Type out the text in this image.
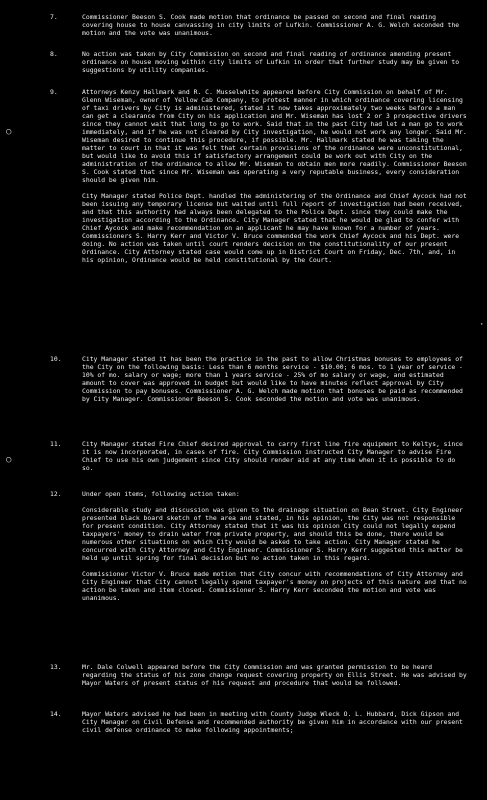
○
○
·
7.	Commissioner Beeson S. Cook made motion that ordinance be passed on second and final reading covering house to house canvassing in city limits of Lufkin. Commissioner A. G. Welch seconded the motion and the vote was unanimous.

8.	No action was taken by City Commission on second and final reading of ordinance amending present ordinance on house moving within city limits of Lufkin in order that further study may be given to suggestions by utility companies.

9.	Attorneys Kenzy Hallmark and R. C. Musselwhite appeared before City Commission on behalf of Mr. Glenn Wiseman, owner of Yellow Cab Company, to protest manner in which ordinance covering licensing of taxi drivers by City is administered, stated it now takes approximately two weeks before a man can get a clearance from City on his application and Mr. Wiseman has lost 2 or 3 prospective drivers since they cannot wait that long to go to work. Said that in the past City had let a man go to work immediately, and if he was not cleared by City investigation, he would not work any longer. Said Mr. Wiseman desired to continue this procedure, if possible. Mr. Hallmark stated he was taking the matter to court in that it was felt that certain provisions of the ordinance were unconstitutional, but would like to avoid this if satisfactory arrangement could be work out with City on the administration of the ordinance to allow Mr. Wiseman to obtain men more readily. Commissioner Beeson S. Cook stated that since Mr. Wiseman was operating a very reputable business, every consideration should be given him.

City Manager stated Police Dept. handled the administering of the Ordinance and Chief Aycock had not been issuing any temporary license but waited until full report of investigation had been received, and that this authority had always been delegated to the Police Dept. since they could make the investigation according to the Ordinance. City Manager stated that he would be glad to confer with Chief Aycock and make recommendation on an applicant he may have known for a number of years. Commissioners S. Harry Kerr and Victor V. Bruce commended the work Chief Aycock and his Dept. were doing. No action was taken until court renders decision on the constitutionality of our present Ordinance. City Attorney stated case would come up in District Court on Friday, Dec. 7th, and, in his opinion, Ordinance would be held constitutional by the Court.

10.	City Manager stated it has been the practice in the past to allow Christmas bonuses to employees of the City on the following basis: Less than 6 months service - $10.00; 6 mos. to 1 year of service - 10% of mo. salary or wage; more than 1 years service - 25% of mo salary or wage, and estimated amount to cover was approved in budget but would like to have minutes reflect approval by City Commission to pay bonuses. Commissioner A. G. Welch made motion that bonuses be paid as recommended by City Manager. Commissioner Beeson S. Cook seconded the motion and vote was unanimous.

11.	City Manager stated Fire Chief desired approval to carry first line fire equipment to Keltys, since it is now incorporated, in cases of fire. City Commission instructed City Manager to advise Fire Chief to use his own judgement since City should render aid at any time when it is possible to do so.

12.	Under open items, following action taken:

Considerable study and discussion was given to the drainage situation on Bean Street. City Engineer presented black board sketch of the area and stated, in his opinion, the City was not responsible for present condition. City Attorney stated that it was his opinion City could not legally expend taxpayers' money to drain water from private property, and should this be done, there would be numerous other situations on which City would be asked to take action. City Manager stated he concurred with City Attorney and City Engineer. Commissioner S. Harry Kerr suggested this matter be held up until spring for final decision but no action taken in this regard.

Commissioner Victor V. Bruce made motion that City concur with recommendations of City Attorney and City Engineer that City cannot legally spend taxpayer's money on projects of this nature and that no action be taken and item closed. Commissioner S. Harry Kerr seconded the motion and vote was unanimous.

13.	Mr. Dale Colwell appeared before the City Commission and was granted permission to be heard regarding the status of his zone change request covering property on Ellis Street. He was advised by Mayor Waters of present status of his request and procedure that would be followed.

14.	Mayor Waters advised he had been in meeting with County Judge Wleck O. L. Hubbard, Dick Gipson and City Manager on Civil Defense and recommended authority be given him in accordance with our present civil defense ordinance to make following appointments;
